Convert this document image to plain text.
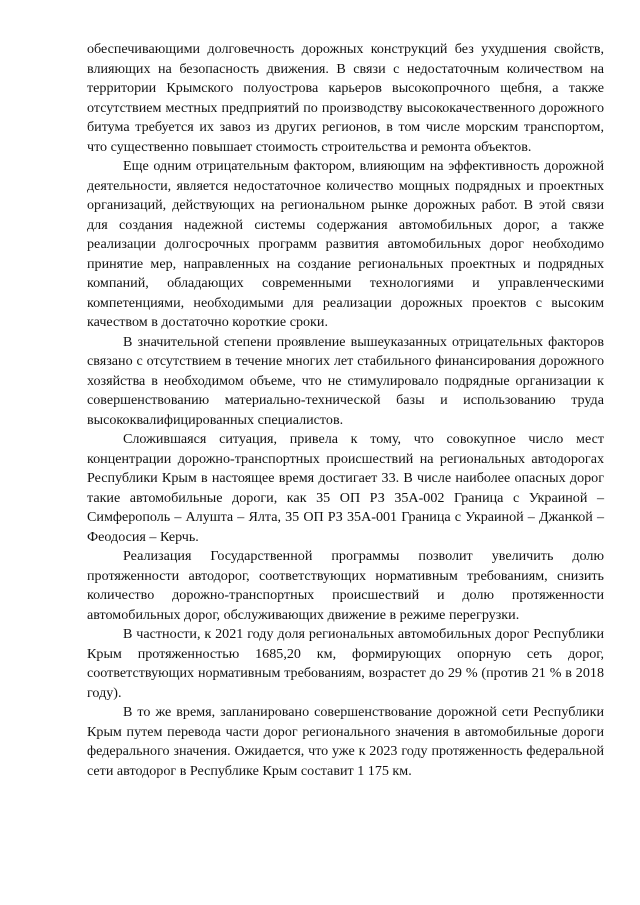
обеспечивающими долговечность дорожных конструкций без ухудшения свойств, влияющих на безопасность движения. В связи с недостаточным количеством на территории Крымского полуострова карьеров высокопрочного щебня, а также отсутствием местных предприятий по производству высококачественного дорожного битума требуется их завоз из других регионов, в том числе морским транспортом, что существенно повышает стоимость строительства и ремонта объектов.

Еще одним отрицательным фактором, влияющим на эффективность дорожной деятельности, является недостаточное количество мощных подрядных и проектных организаций, действующих на региональном рынке дорожных работ. В этой связи для создания надежной системы содержания автомобильных дорог, а также реализации долгосрочных программ развития автомобильных дорог необходимо принятие мер, направленных на создание региональных проектных и подрядных компаний, обладающих современными технологиями и управленческими компетенциями, необходимыми для реализации дорожных проектов с высоким качеством в достаточно короткие сроки.

В значительной степени проявление вышеуказанных отрицательных факторов связано с отсутствием в течение многих лет стабильного финансирования дорожного хозяйства в необходимом объеме, что не стимулировало подрядные организации к совершенствованию материально-технической базы и использованию труда высококвалифицированных специалистов.

Сложившаяся ситуация, привела к тому, что совокупное число мест концентрации дорожно-транспортных происшествий на региональных автодорогах Республики Крым в настоящее время достигает 33. В числе наиболее опасных дорог такие автомобильные дороги, как 35 ОП РЗ 35А-002 Граница с Украиной – Симферополь – Алушта – Ялта, 35 ОП РЗ 35А-001 Граница с Украиной – Джанкой – Феодосия – Керчь.

Реализация Государственной программы позволит увеличить долю протяженности автодорог, соответствующих нормативным требованиям, снизить количество дорожно-транспортных происшествий и долю протяженности автомобильных дорог, обслуживающих движение в режиме перегрузки.

В частности, к 2021 году доля региональных автомобильных дорог Республики Крым протяженностью 1685,20 км, формирующих опорную сеть дорог, соответствующих нормативным требованиям, возрастет до 29 % (против 21 % в 2018 году).

В то же время, запланировано совершенствование дорожной сети Республики Крым путем перевода части дорог регионального значения в автомобильные дороги федерального значения. Ожидается, что уже к 2023 году протяженность федеральной сети автодорог в Республике Крым составит 1 175 км.
